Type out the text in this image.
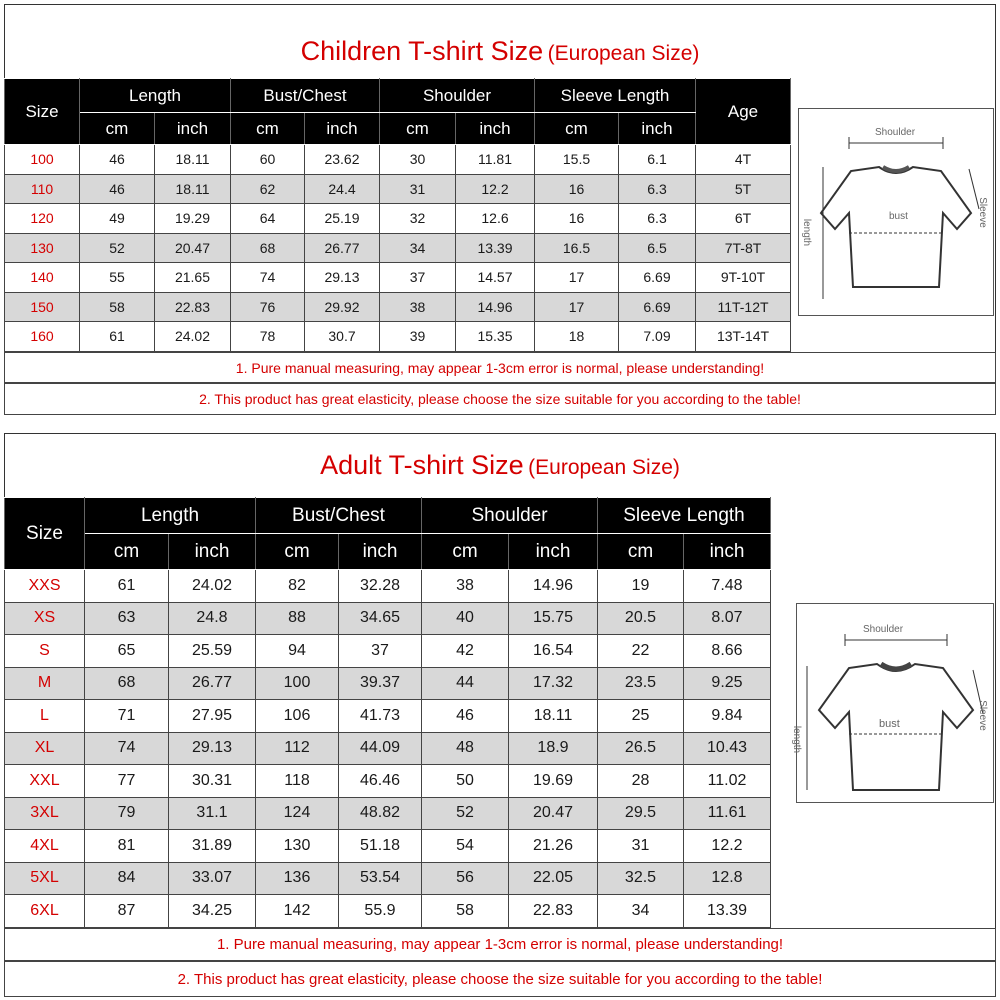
Children T-shirt Size (European Size)
Size	Length		Bust/Chest		Shoulder		Sleeve Length		Age
	cm	inch	cm	inch	cm	inch	cm	inch	
100	46	18.11	60	23.62	30	11.81	15.5	6.1	4T
110	46	18.11	62	24.4	31	12.2	16	6.3	5T
120	49	19.29	64	25.19	32	12.6	16	6.3	6T
130	52	20.47	68	26.77	34	13.39	16.5	6.5	7T-8T
140	55	21.65	74	29.13	37	14.57	17	6.69	9T-10T
150	58	22.83	76	29.92	38	14.96	17	6.69	11T-12T
160	61	24.02	78	30.7	39	15.35	18	7.09	13T-14T
1. Pure manual measuring, may appear 1-3cm error is normal, please understanding!
2. This product has great elasticity, please choose the size suitable for you according to the table!
Shoulder
bust
length
Sleeve
Adult T-shirt Size (European Size)
Size	Length		Bust/Chest		Shoulder		Sleeve Length	
	cm	inch	cm	inch	cm	inch	cm	inch
XXS	61	24.02	82	32.28	38	14.96	19	7.48
XS	63	24.8	88	34.65	40	15.75	20.5	8.07
S	65	25.59	94	37	42	16.54	22	8.66
M	68	26.77	100	39.37	44	17.32	23.5	9.25
L	71	27.95	106	41.73	46	18.11	25	9.84
XL	74	29.13	112	44.09	48	18.9	26.5	10.43
XXL	77	30.31	118	46.46	50	19.69	28	11.02
3XL	79	31.1	124	48.82	52	20.47	29.5	11.61
4XL	81	31.89	130	51.18	54	21.26	31	12.2
5XL	84	33.07	136	53.54	56	22.05	32.5	12.8
6XL	87	34.25	142	55.9	58	22.83	34	13.39
1. Pure manual measuring, may appear 1-3cm error is normal, please understanding!
2. This product has great elasticity, please choose the size suitable for you according to the table!
Shoulder
bust
length
Sleeve
